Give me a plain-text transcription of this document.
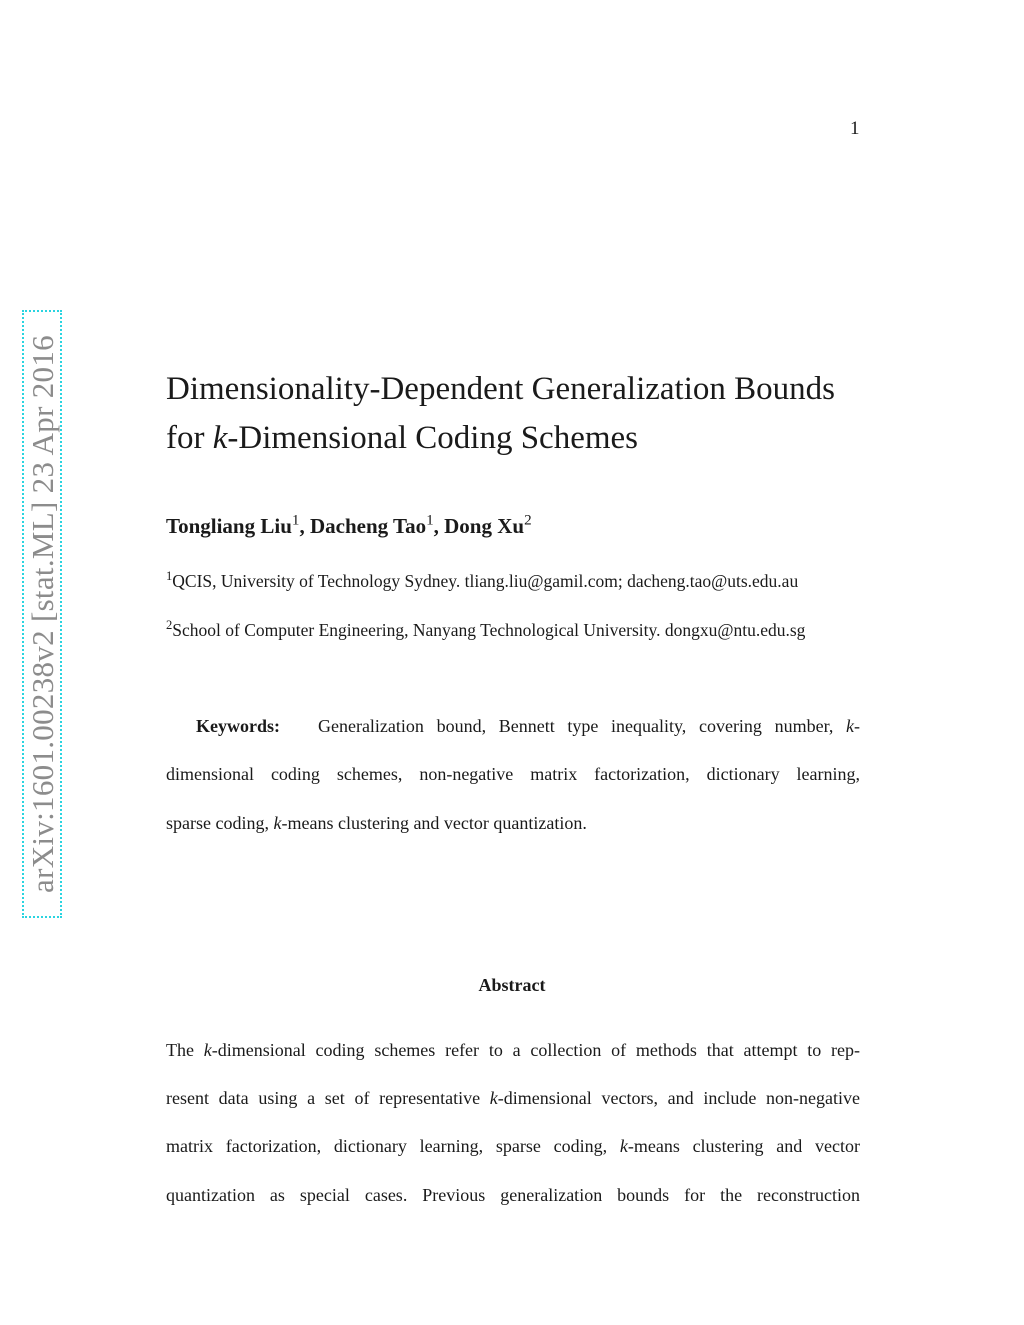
1
arXiv:1601.00238v2 [stat.ML] 23 Apr 2016	Dimensionality-Dependent Generalization Bounds
for k-Dimensional Coding Schemes
Tongliang Liu$^1$, Dacheng Tao$^1$, Dong Xu$^2$
$^1$QCIS, University of Technology Sydney. tliang.liu@gamil.com; dacheng.tao@uts.edu.au
$^2$School of Computer Engineering, Nanyang Technological University. dongxu@ntu.edu.sg
Keywords: Generalization bound, Bennett type inequality, covering number, k-
dimensional coding schemes, non-negative matrix factorization, dictionary learning,
sparse coding, k-means clustering and vector quantization.
Abstract
The k-dimensional coding schemes refer to a collection of methods that attempt to rep-
resent data using a set of representative k-dimensional vectors, and include non-negative
matrix factorization, dictionary learning, sparse coding, k-means clustering and vector
quantization as special cases. Previous generalization bounds for the reconstruction
